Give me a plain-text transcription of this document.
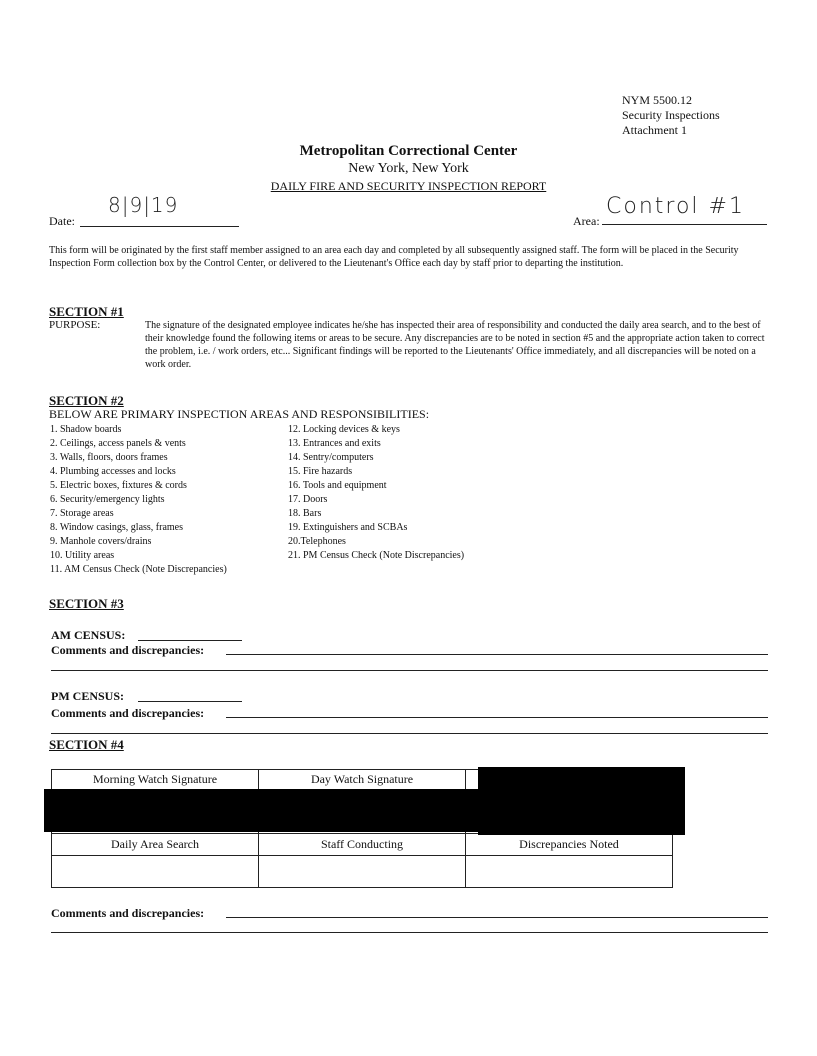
NYM 5500.12
Security Inspections
Attachment 1
Metropolitan Correctional Center
New York, New York
DAILY FIRE AND SECURITY INSPECTION REPORT
Date:
8|9|19
Area:
Control #1
This form will be originated by the first staff member assigned to an area each day and completed by all subsequently assigned staff. The form will be placed in the Security Inspection Form collection box by the Control Center, or delivered to the Lieutenant's Office each day by staff prior to departing the institution.
SECTION #1
PURPOSE:	The signature of the designated employee indicates he/she has inspected their area of responsibility and conducted the daily area search, and to the best of their knowledge found the following items or areas to be secure. Any discrepancies are to be noted in section #5 and the appropriate action taken to correct the problem, i.e. / work orders, etc... Significant findings will be reported to the Lieutenants' Office immediately, and all discrepancies will be noted on a work order.
SECTION #2
BELOW ARE PRIMARY INSPECTION AREAS AND RESPONSIBILITIES:
1. Shadow boards
2. Ceilings, access panels & vents
3. Walls, floors, doors frames
4. Plumbing accesses and locks
5. Electric boxes, fixtures & cords
6. Security/emergency lights
7. Storage areas
8. Window casings, glass, frames
9. Manhole covers/drains
10. Utility areas
11. AM Census Check (Note Discrepancies)
12. Locking devices & keys
13. Entrances and exits
14. Sentry/computers
15. Fire hazards
16. Tools and equipment
17. Doors
18. Bars
19. Extinguishers and SCBAs
20.Telephones
21. PM Census Check (Note Discrepancies)
SECTION #3
AM CENSUS:
Comments and discrepancies:
PM CENSUS:
Comments and discrepancies:
SECTION #4
Morning Watch Signature	Day Watch Signature	

Daily Area Search	Staff Conducting	Discrepancies Noted

Comments and discrepancies:
